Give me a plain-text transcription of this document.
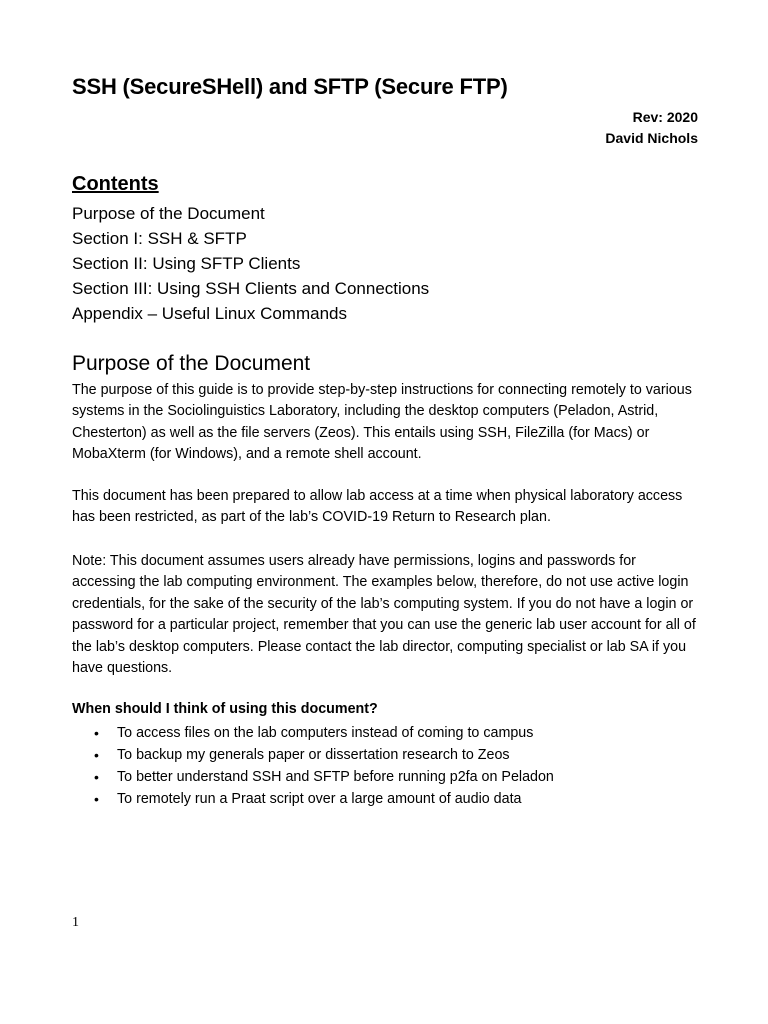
SSH (SecureSHell) and SFTP (Secure FTP)
Rev: 2020
David Nichols
Contents
Purpose of the Document
Section I: SSH & SFTP
Section II: Using SFTP Clients
Section III: Using SSH Clients and Connections
Appendix – Useful Linux Commands
Purpose of the Document

The purpose of this guide is to provide step-by-step instructions for connecting remotely to various systems in the Sociolinguistics Laboratory, including the desktop computers (Peladon, Astrid, Chesterton) as well as the file servers (Zeos). This entails using SSH, FileZilla (for Macs) or MobaXterm (for Windows), and a remote shell account.

This document has been prepared to allow lab access at a time when physical laboratory access has been restricted, as part of the lab’s COVID-19 Return to Research plan.

Note: This document assumes users already have permissions, logins and passwords for accessing the lab computing environment. The examples below, therefore, do not use active login credentials, for the sake of the security of the lab’s computing system. If you do not have a login or password for a particular project, remember that you can use the generic lab user account for all of the lab’s desktop computers. Please contact the lab director, computing specialist or lab SA if you have questions.

When should I think of using this document?
• To access files on the lab computers instead of coming to campus
• To backup my generals paper or dissertation research to Zeos
• To better understand SSH and SFTP before running p2fa on Peladon
• To remotely run a Praat script over a large amount of audio data
1
